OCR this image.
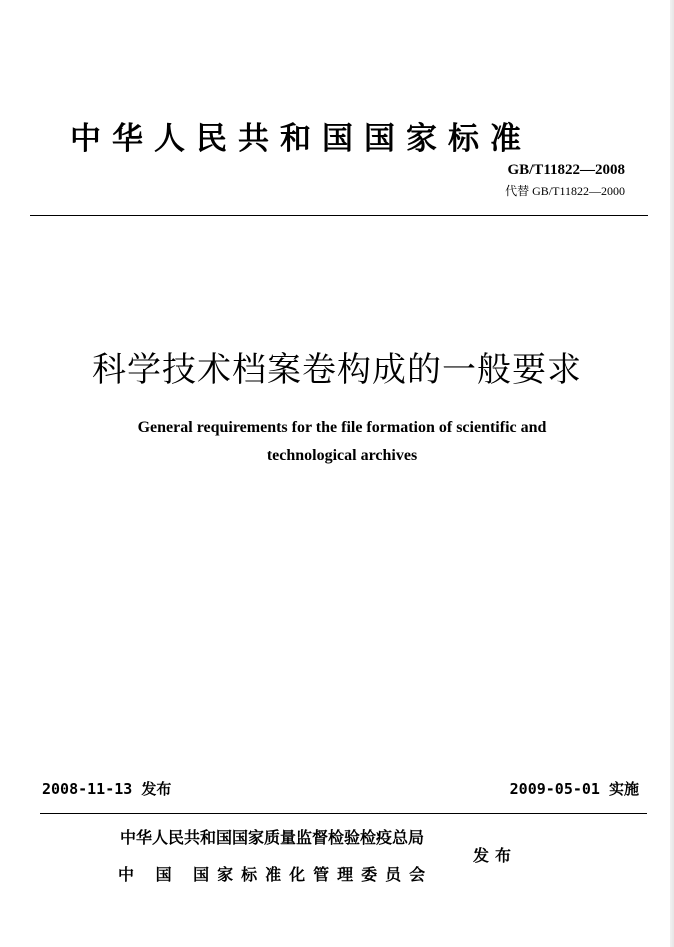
中华人民共和国国家标准
GB/T11822—2008
代替 GB/T11822—2000
科学技术档案卷构成的一般要求
General requirements for the file formation of scientific and
technological archives
2008-11-13 发布	2009-05-01 实施
中华人民共和国国家质量监督检验检疫总局
中 国 国家标准化管理委员会
发布
